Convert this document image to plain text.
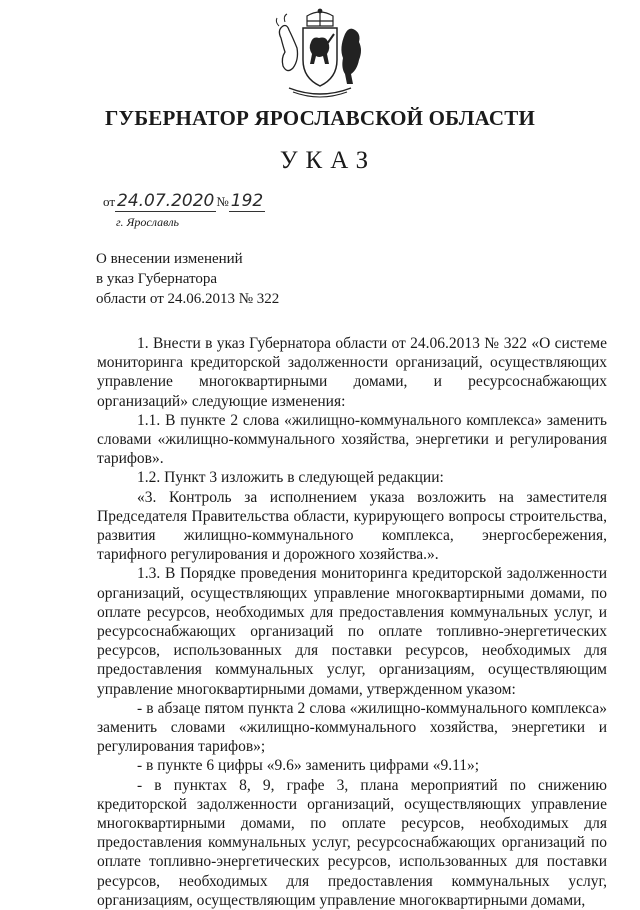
ГУБЕРНАТОР ЯРОСЛАВСКОЙ ОБЛАСТИ
УКАЗ
от 24.07.2020 № 192
г. Ярославль
О внесении изменений
в указ Губернатора
области от 24.06.2013 № 322

1. Внести в указ Губернатора области от 24.06.2013 № 322 «О системе мониторинга кредиторской задолженности организаций, осуществляющих управление многоквартирными домами, и ресурсоснабжающих организаций» следующие изменения:

1.1. В пункте 2 слова «жилищно-коммунального комплекса» заменить словами «жилищно-коммунального хозяйства, энергетики и регулирования тарифов».

1.2. Пункт 3 изложить в следующей редакции:

«3. Контроль за исполнением указа возложить на заместителя Председателя Правительства области, курирующего вопросы строительства, развития жилищно-коммунального комплекса, энергосбережения, тарифного регулирования и дорожного хозяйства.».

1.3. В Порядке проведения мониторинга кредиторской задолженности организаций, осуществляющих управление многоквартирными домами, по оплате ресурсов, необходимых для предоставления коммунальных услуг, и ресурсоснабжающих организаций по оплате топливно-энергетических ресурсов, использованных для поставки ресурсов, необходимых для предоставления коммунальных услуг, организациям, осуществляющим управление многоквартирными домами, утвержденном указом:

- в абзаце пятом пункта 2 слова «жилищно-коммунального комплекса» заменить словами «жилищно-коммунального хозяйства, энергетики и регулирования тарифов»;

- в пункте 6 цифры «9.6» заменить цифрами «9.11»;

- в пунктах 8, 9, графе 3, плана мероприятий по снижению кредиторской задолженности организаций, осуществляющих управление многоквартирными домами, по оплате ресурсов, необходимых для предоставления коммунальных услуг, ресурсоснабжающих организаций по оплате топливно-энергетических ресурсов, использованных для поставки ресурсов, необходимых для предоставления коммунальных услуг, организациям, осуществляющим управление многоквартирными домами,
